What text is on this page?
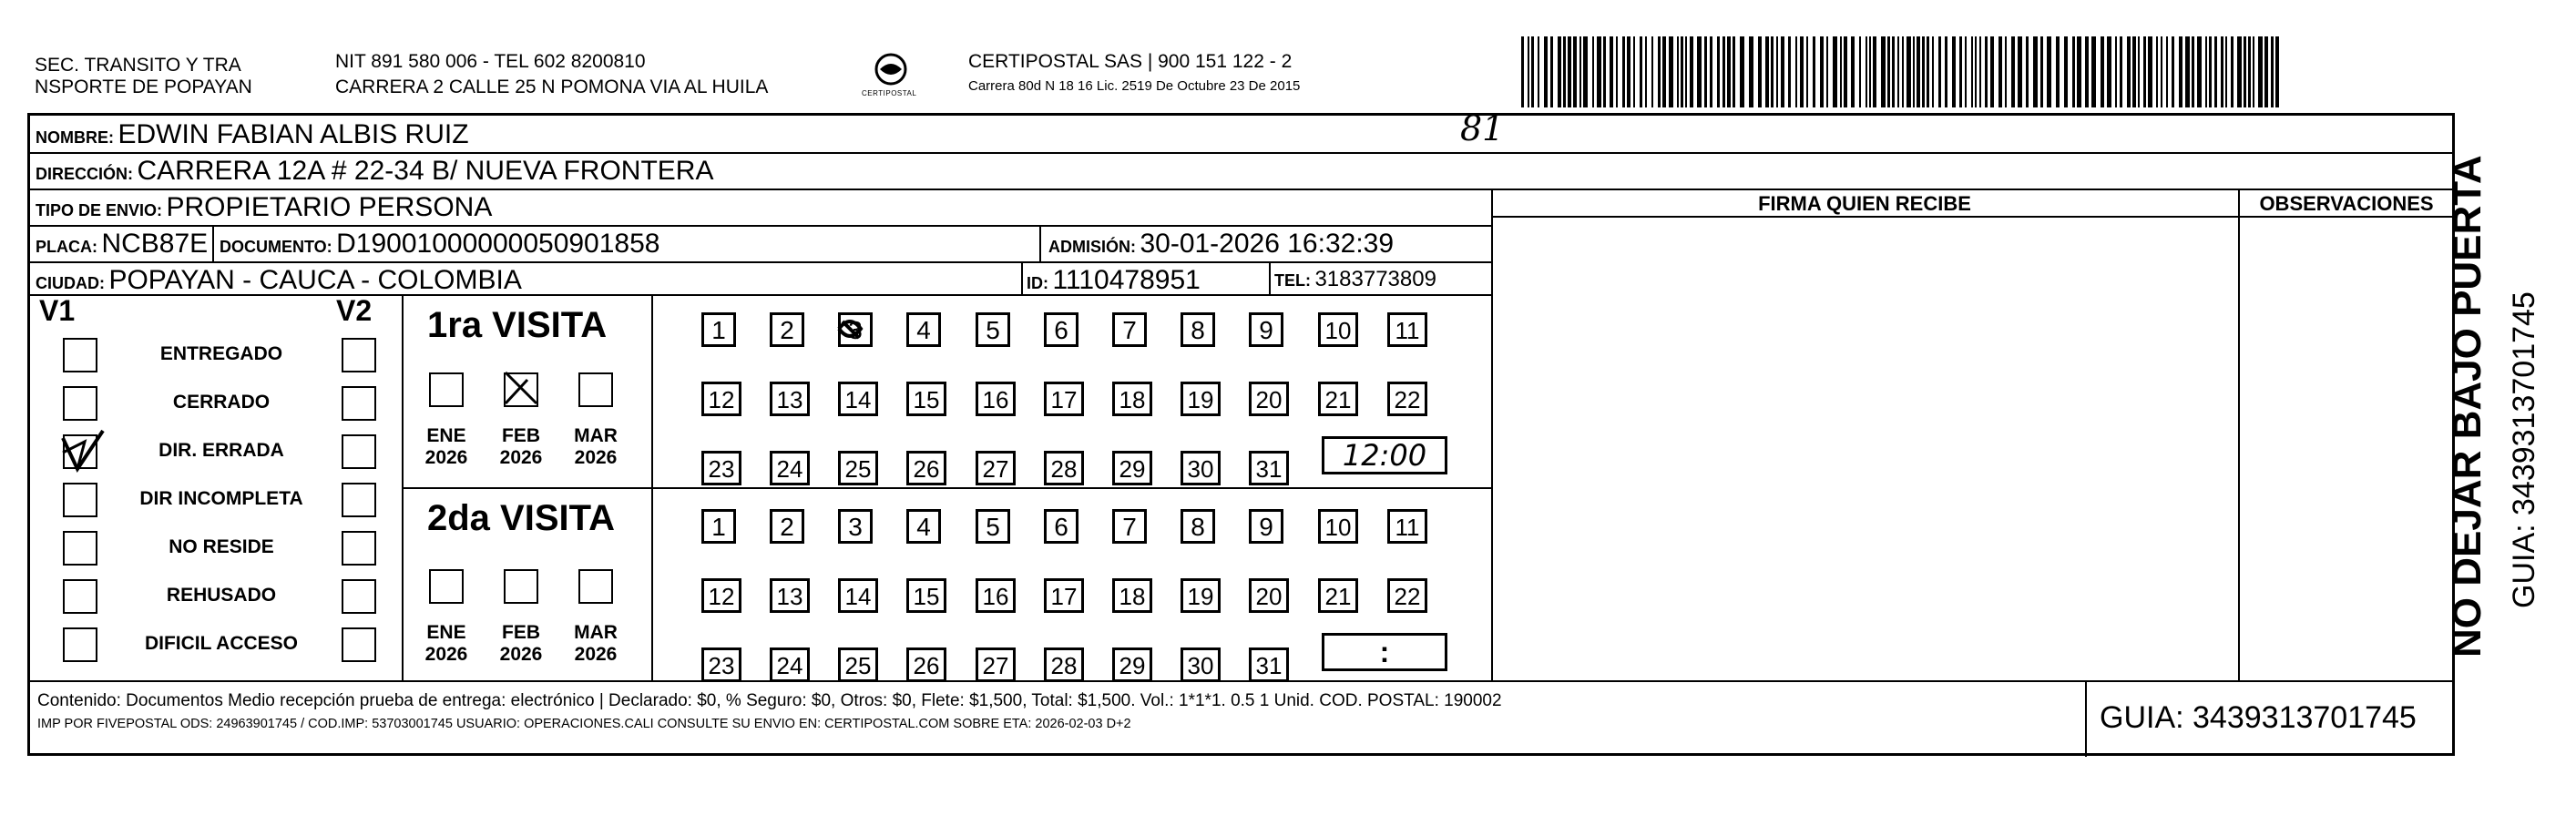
SEC. TRANSITO Y TRA
NSPORTE DE POPAYAN
NIT 891 580 006 - TEL 602 8200810
CARRERA 2 CALLE 25 N POMONA VIA AL HUILA	CERTIPOSTAL
CERTIPOSTAL SAS | 900 151 122 - 2
Carrera 80d N 18 16 Lic. 2519 De Octubre 23 De 2015
NOMBRE: EDWIN FABIAN ALBIS RUIZ	81
DIRECCIÓN: CARRERA 12A # 22-34 B/ NUEVA FRONTERA
TIPO DE ENVIO: PROPIETARIO PERSONA
PLACA: NCB87E DOCUMENTO: D19001000000050901858	ADMISIÓN: 30-01-2026 16:32:39
CIUDAD: POPAYAN - CAUCA - COLOMBIA	ID: 1110478951	TEL: 3183773809
FIRMA QUIEN RECIBE	OBSERVACIONES
V1	V2 1ra VISITA
2da VISITA
12:00
:
Contenido: Documentos Medio recepción prueba de entrega: electrónico | Declarado: $0, % Seguro: $0, Otros: $0, Flete: $1,500, Total: $1,500. Vol.: 1*1*1. 0.5 1 Unid. COD. POSTAL: 190002
IMP POR FIVEPOSTAL ODS: 24963901745 / COD.IMP: 53703001745 USUARIO: OPERACIONES.CALI CONSULTE SU ENVIO EN: CERTIPOSTAL.COM SOBRE ETA: 2026-02-03 D+2	GUIA: 3439313701745
ENTREGADO
CERRADO
DIR. ERRADA
DIR INCOMPLETA
NO RESIDE
REHUSADO
DIFICIL ACCESO
ENE
2026
FEB
2026
MAR
2026
ENE
2026
FEB
2026
MAR
2026
1	2	3	4	5	6	7	8	9	10	11
12 13 14 15 16 17 18 19 20 21 22
23 24 25 26 27 28 29 30 31
1	2	3	4	5	6	7	8	9	10	11
12 13 14 15 16 17 18 19 20 21 22
23 24 25 26 27 28 29 30 31
NO DEJAR BAJO PUERTA GUIA: 3439313701745
